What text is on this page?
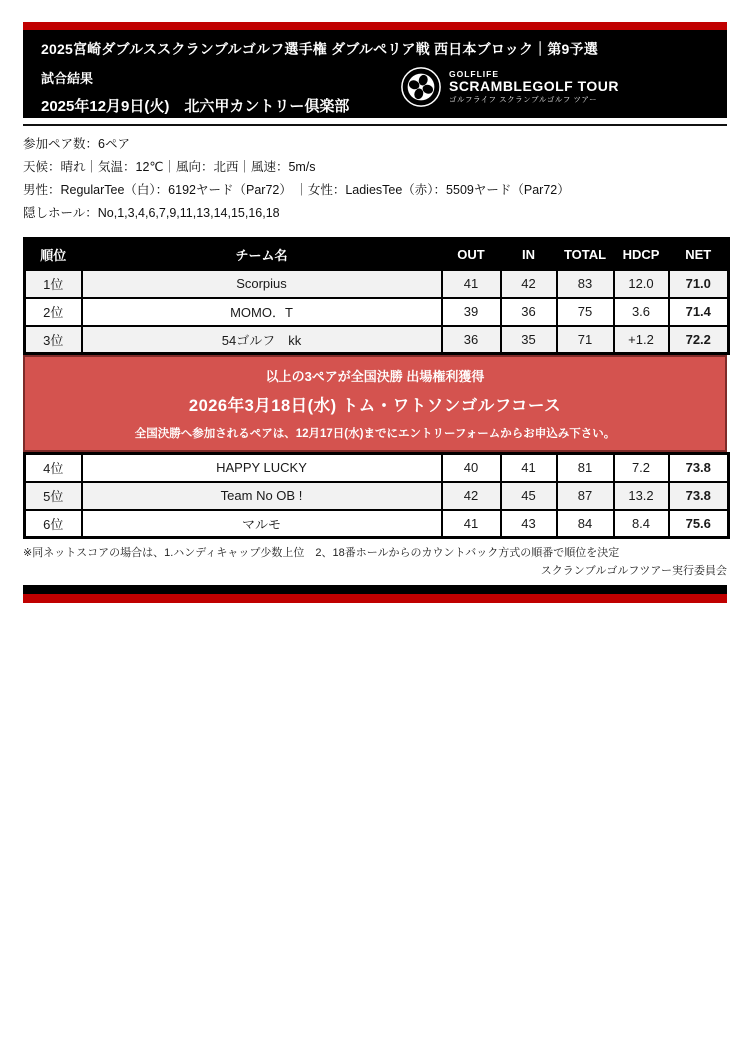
2025宮崎ダブルススクランブルゴルフ選手権 ダブルペリア戦 西日本ブロック｜第9予選
試合結果
2025年12月9日(火)　北六甲カントリー倶楽部
GOLFLIFE
SCRAMBLEGOLF TOUR
ゴルフライフ スクランブルゴルフ ツアー
参加ペア数：6ペア
天候：晴れ｜気温：12℃｜風向：北西｜風速：5m/s
男性：RegularTee（白）：6192ヤード（Par72） ｜女性：LadiesTee（赤）：5509ヤード（Par72）
隠しホール：No,1,3,4,6,7,9,11,13,14,15,16,18
順位	チーム名	OUT	IN	TOTAL	HDCP	NET
1位	Scorpius	41	42	83	12.0	71.0
2位	MOMO．T	39	36	75	3.6	71.4
3位	54ゴルフ　kk	36	35	71	+1.2	72.2
以上の3ペアが全国決勝 出場権利獲得
2026年3月18日(水) トム・ワトソンゴルフコース
全国決勝へ参加されるペアは、12月17日(水)までにエントリーフォームからお申込み下さい。
4位	HAPPY LUCKY	40	41	81	7.2	73.8
5位	Team No OB !	42	45	87	13.2	73.8
6位	マルモ	41	43	84	8.4	75.6
※同ネットスコアの場合は、1.ハンディキャップ少数上位　2、18番ホールからのカウントバック方式の順番で順位を決定
スクランブルゴルフツアー実行委員会
